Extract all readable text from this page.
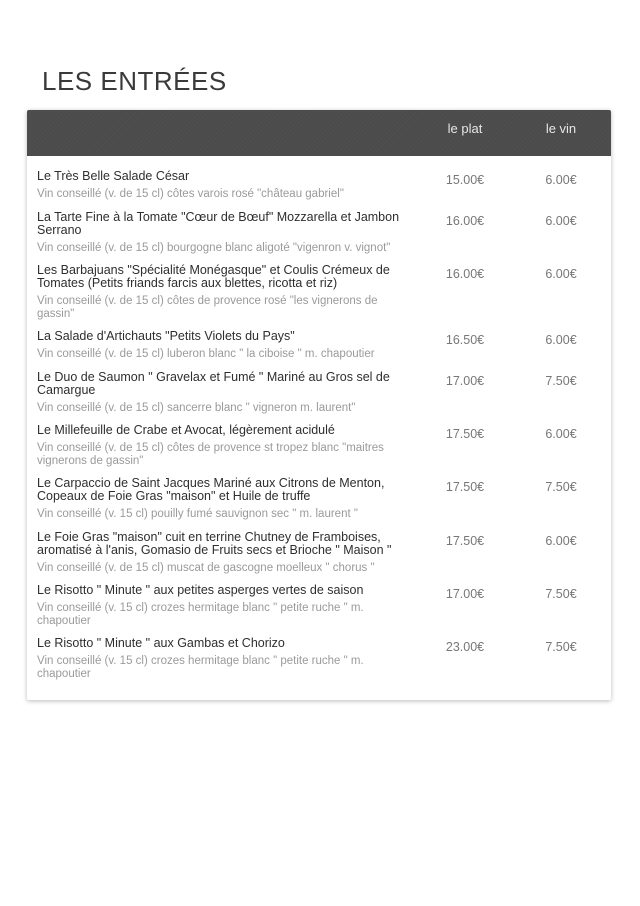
LES ENTRÉES
le plat	le vin
Le Très Belle Salade César
Vin conseillé (v. de 15 cl) côtes varois rosé "château gabriel"
15.00€	6.00€
La Tarte Fine à la Tomate "Cœur de Bœuf" Mozzarella et Jambon Serrano
Vin conseillé (v. de 15 cl) bourgogne blanc aligoté "vigenron v. vignot"
16.00€	6.00€
Les Barbajuans "Spécialité Monégasque" et Coulis Crémeux de Tomates (Petits friands farcis aux blettes, ricotta et riz)
Vin conseillé (v. de 15 cl) côtes de provence rosé "les vignerons de gassin"
16.00€	6.00€
La Salade d'Artichauts "Petits Violets du Pays"
Vin conseillé (v. de 15 cl) luberon blanc " la ciboise " m. chapoutier
16.50€	6.00€
Le Duo de Saumon " Gravelax et Fumé " Mariné au Gros sel de Camargue
Vin conseillé (v. de 15 cl) sancerre blanc " vigneron m. laurent"
17.00€	7.50€
Le Millefeuille de Crabe et Avocat, légèrement acidulé
Vin conseillé (v. de 15 cl) côtes de provence st tropez blanc "maitres vignerons de gassin"
17.50€	6.00€
Le Carpaccio de Saint Jacques Mariné aux Citrons de Menton, Copeaux de Foie Gras "maison" et Huile de truffe
Vin conseillé (v. 15 cl) pouilly fumé sauvignon sec " m. laurent "
17.50€	7.50€
Le Foie Gras "maison" cuit en terrine Chutney de Framboises, aromatisé à l'anis, Gomasio de Fruits secs et Brioche " Maison "
Vin conseillé (v. de 15 cl) muscat de gascogne moelleux " chorus "
17.50€	6.00€
Le Risotto " Minute " aux petites asperges vertes de saison
Vin conseillé (v. 15 cl) crozes hermitage blanc " petite ruche " m. chapoutier
17.00€	7.50€
Le Risotto " Minute " aux Gambas et Chorizo
Vin conseillé (v. 15 cl) crozes hermitage blanc " petite ruche " m. chapoutier
23.00€	7.50€
